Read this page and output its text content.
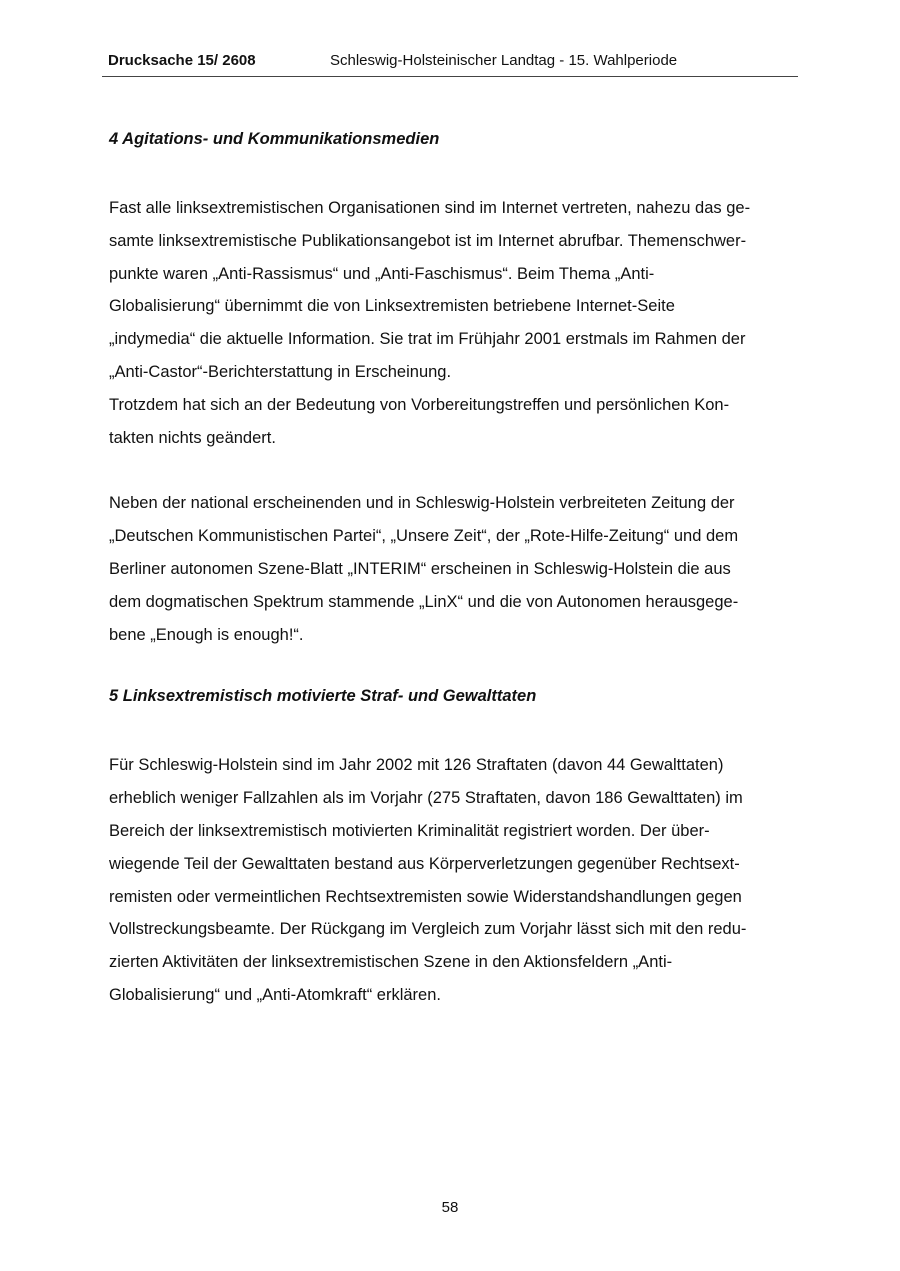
Drucksache 15/ 2608	Schleswig-Holsteinischer Landtag - 15. Wahlperiode
4 Agitations- und Kommunikationsmedien

Fast alle linksextremistischen Organisationen sind im Internet vertreten, nahezu das ge-
samte linksextremistische Publikationsangebot ist im Internet abrufbar. Themenschwer-
punkte waren „Anti-Rassismus“ und „Anti-Faschismus“. Beim Thema „Anti-
Globalisierung“ übernimmt die von Linksextremisten betriebene Internet-Seite
„indymedia“ die aktuelle Information. Sie trat im Frühjahr 2001 erstmals im Rahmen der
„Anti-Castor“-Berichterstattung in Erscheinung.
Trotzdem hat sich an der Bedeutung von Vorbereitungstreffen und persönlichen Kon-
takten nichts geändert.

Neben der national erscheinenden und in Schleswig-Holstein verbreiteten Zeitung der
„Deutschen Kommunistischen Partei“, „Unsere Zeit“, der „Rote-Hilfe-Zeitung“ und dem
Berliner autonomen Szene-Blatt „INTERIM“ erscheinen in Schleswig-Holstein die aus
dem dogmatischen Spektrum stammende „LinX“ und die von Autonomen herausgege-
bene „Enough is enough!“.

5 Linksextremistisch motivierte Straf- und Gewalttaten

Für Schleswig-Holstein sind im Jahr 2002 mit 126 Straftaten (davon 44 Gewalttaten)
erheblich weniger Fallzahlen als im Vorjahr (275 Straftaten, davon 186 Gewalttaten) im
Bereich der linksextremistisch motivierten Kriminalität registriert worden. Der über-
wiegende Teil der Gewalttaten bestand aus Körperverletzungen gegenüber Rechtsext-
remisten oder vermeintlichen Rechtsextremisten sowie Widerstandshandlungen gegen
Vollstreckungsbeamte. Der Rückgang im Vergleich zum Vorjahr lässt sich mit den redu-
zierten Aktivitäten der linksextremistischen Szene in den Aktionsfeldern „Anti-
Globalisierung“ und „Anti-Atomkraft“ erklären.

58
